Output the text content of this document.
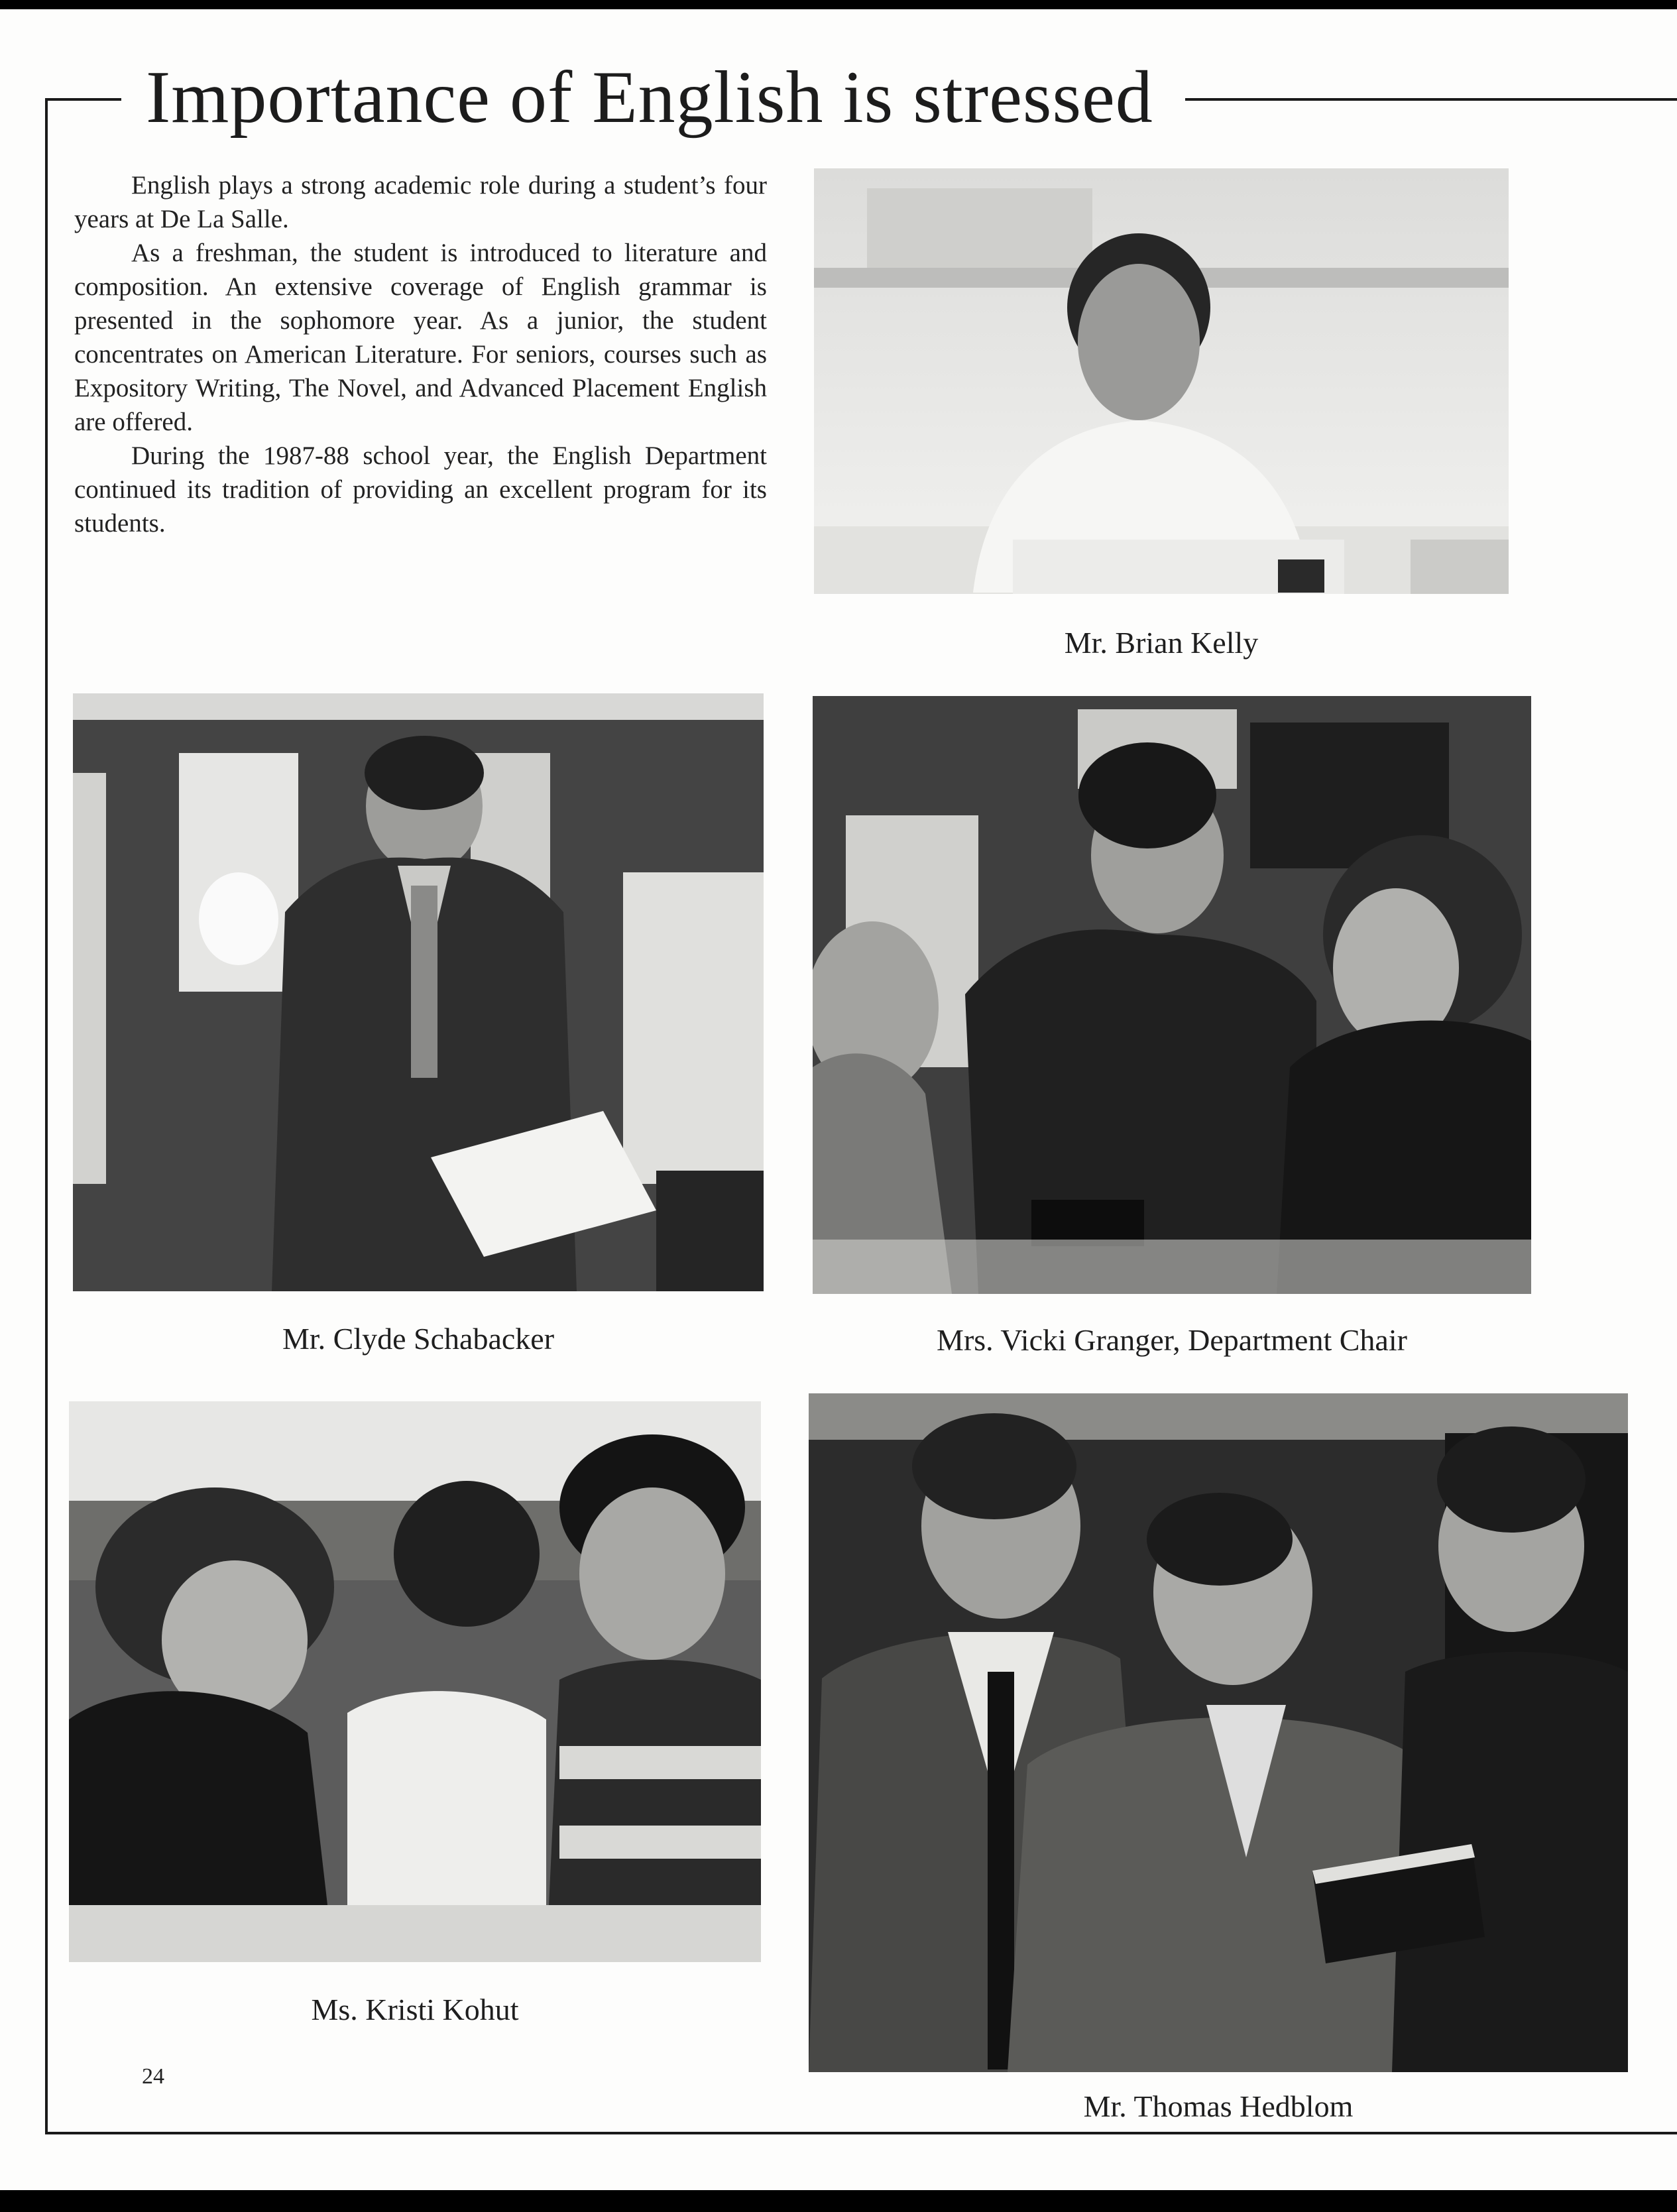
Importance of English is stressed

English plays a strong academic role during a student’s four years at De La Salle.

As a freshman, the student is introduced to literature and composition. An extensive coverage of English grammar is presented in the sophomore year. As a junior, the student concentrates on American Literature. For seniors, courses such as Expository Writing, The Novel, and Advanced Placement English are offered.

During the 1987-88 school year, the English Department continued its tradition of providing an excellent program for its students.

Mr. Brian Kelly
Mr. Clyde Schabacker	Mrs. Vicki Granger, Department Chair
Ms. Kristi Kohut
Mr. Thomas Hedblom
24
